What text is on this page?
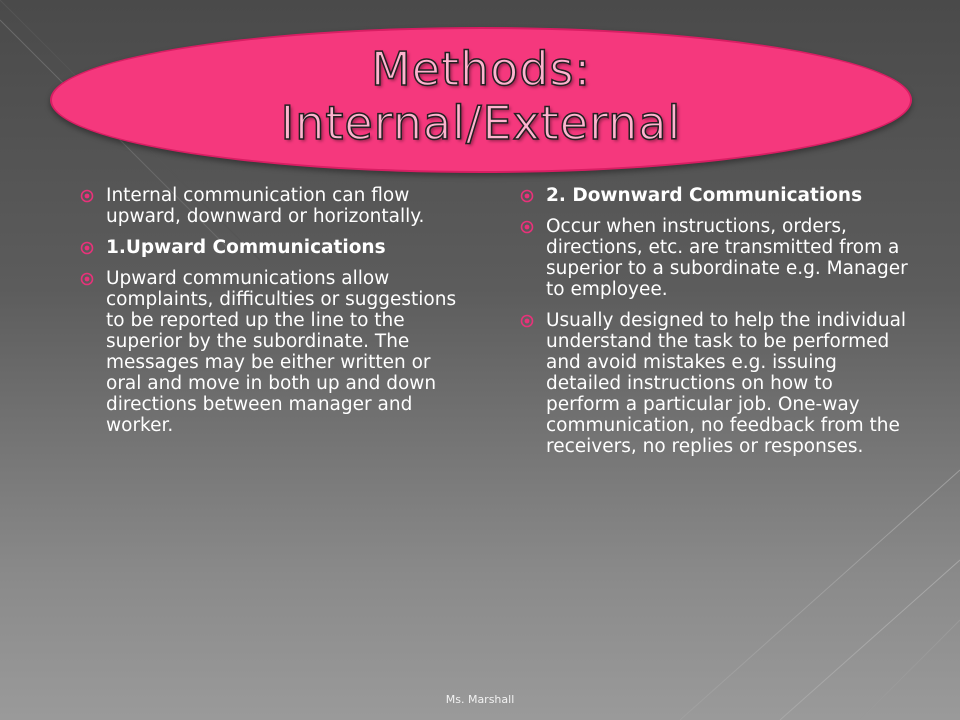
Methods:
Internal/External
Internal communication can flow upward, downward or horizontally.
1.Upward Communications
Upward communications allow complaints, difficulties or suggestions to be reported up the line to the superior by the subordinate. The messages may be either written or oral and move in both up and down directions between manager and worker.
2. Downward Communications
Occur when instructions, orders, directions, etc. are transmitted from a superior to a subordinate e.g. Manager to employee.
Usually designed to help the individual understand the task to be performed and avoid mistakes e.g. issuing detailed instructions on how to perform a particular job. One-way communication, no feedback from the receivers, no replies or responses.
Ms. Marshall
